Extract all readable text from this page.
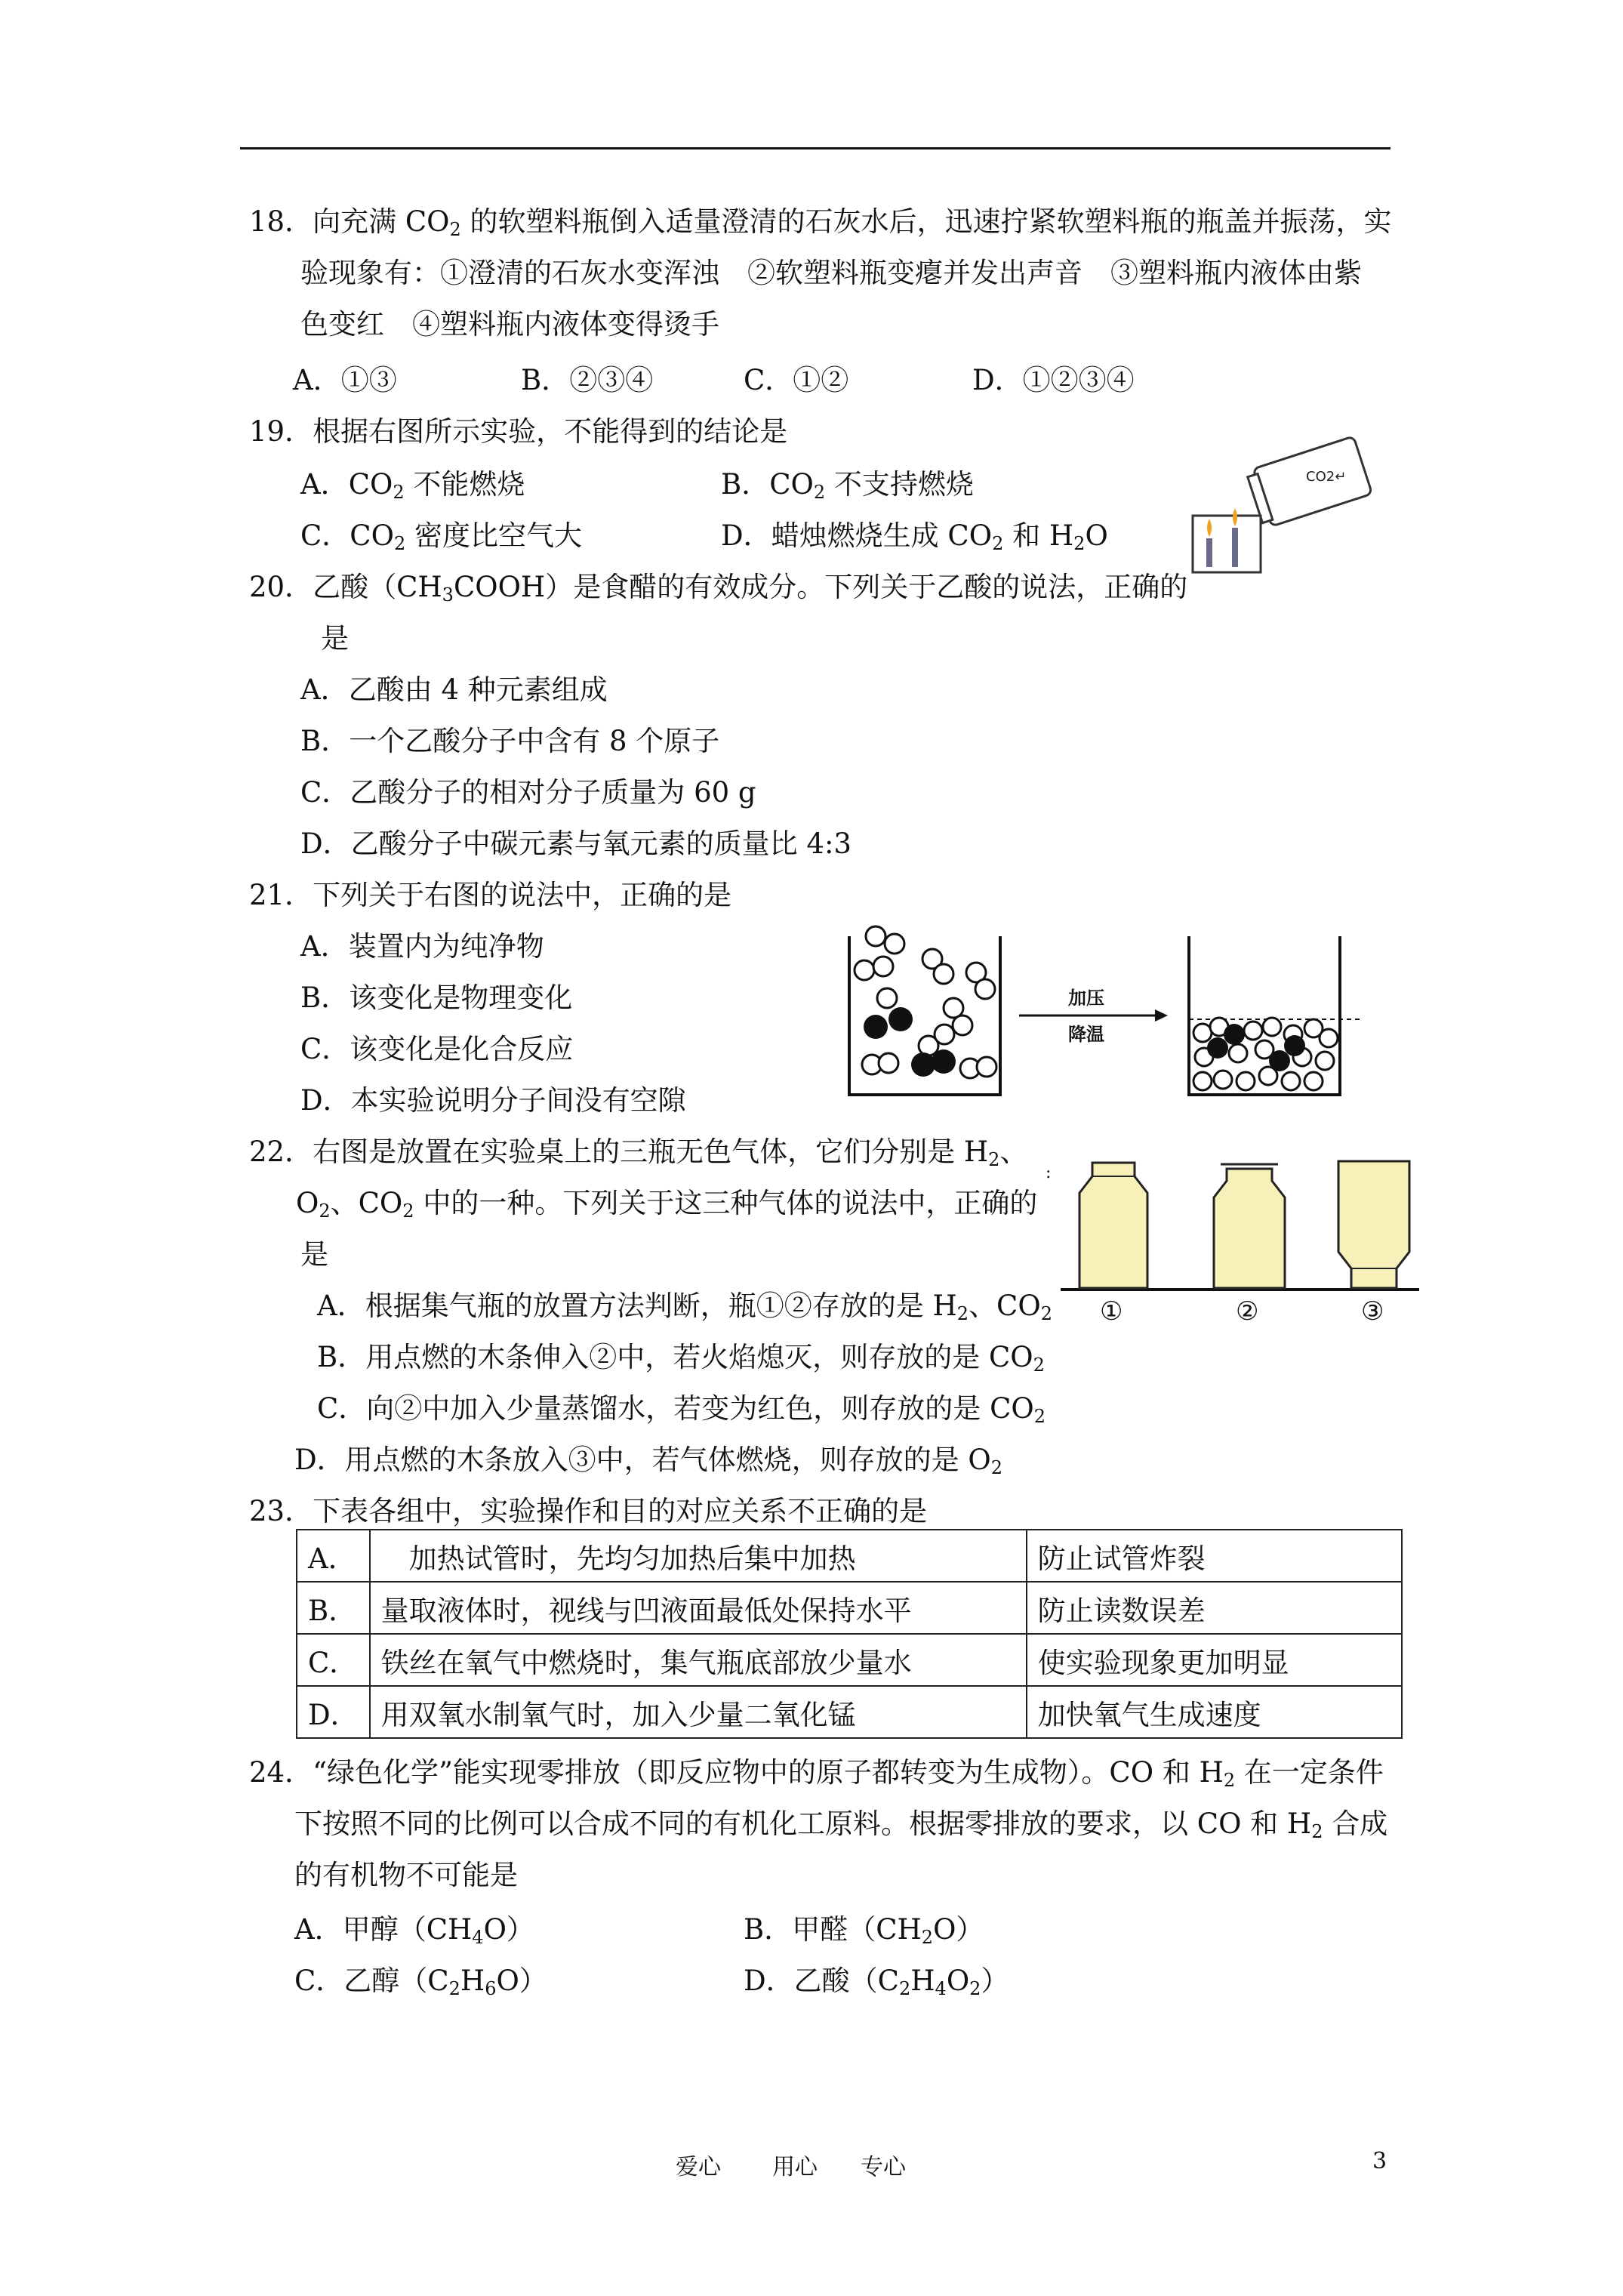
18．向充满 $CO_2$ 的软塑料瓶倒入适量澄清的石灰水后，迅速拧紧软塑料瓶的瓶盖并振荡，实
验现象有：①澄清的石灰水变浑浊　②软塑料瓶变瘪并发出声音　③塑料瓶内液体由紫
色变红　④塑料瓶内液体变得烫手
A．①③	B．②③④	C．①②	D．①②③④
19．根据右图所示实验，不能得到的结论是
A．$CO_2$ 不能燃烧	B．$CO_2$ 不支持燃烧
C．$CO_2$ 密度比空气大	D．蜡烛燃烧生成 $CO_2$ 和 $H_2O$
CO2↵
20．乙酸$(CH_3COOH)$是食醋的有效成分。下列关于乙酸的说法，正确的
是
A．乙酸由 4 种元素组成
B．一个乙酸分子中含有 8 个原子
C．乙酸分子的相对分子质量为 60 g
D．乙酸分子中碳元素与氧元素的质量比 4:3
21．下列关于右图的说法中，正确的是
A．装置内为纯净物
B．该变化是物理变化
C．该变化是化合反应
D．本实验说明分子间没有空隙
加压
降温
22．右图是放置在实验桌上的三瓶无色气体，它们分别是 $H_2$、
$O_2$、$CO_2$ 中的一种。下列关于这三种气体的说法中，正确的
是
A．根据集气瓶的放置方法判断，瓶①②存放的是 $H_2$、$CO_2$
B．用点燃的木条伸入②中，若火焰熄灭，则存放的是 $CO_2$
C．向②中加入少量蒸馏水，若变为红色，则存放的是 $CO_2$
D．用点燃的木条放入③中，若气体燃烧，则存放的是 $O_2$
:
①	②	③
23．下表各组中，实验操作和目的对应关系不正确的是
A．	　加热试管时，先均匀加热后集中加热	防止试管炸裂
B．	量取液体时，视线与凹液面最低处保持水平	防止读数误差
C．	铁丝在氧气中燃烧时，集气瓶底部放少量水	使实验现象更加明显
D．	用双氧水制氧气时，加入少量二氧化锰	加快氧气生成速度
24．“绿色化学”能实现零排放（即反应物中的原子都转变为生成物）。CO 和 $H_2$ 在一定条件
下按照不同的比例可以合成不同的有机化工原料。根据零排放的要求，以 CO 和 $H_2$ 合成
的有机物不可能是
A．甲醇$(CH_4O)$	B．甲醛$(CH_2O)$
C．乙醇$(C_2H_6O)$	D．乙酸$(C_2H_4O_2)$
爱心 用心 专心	3
